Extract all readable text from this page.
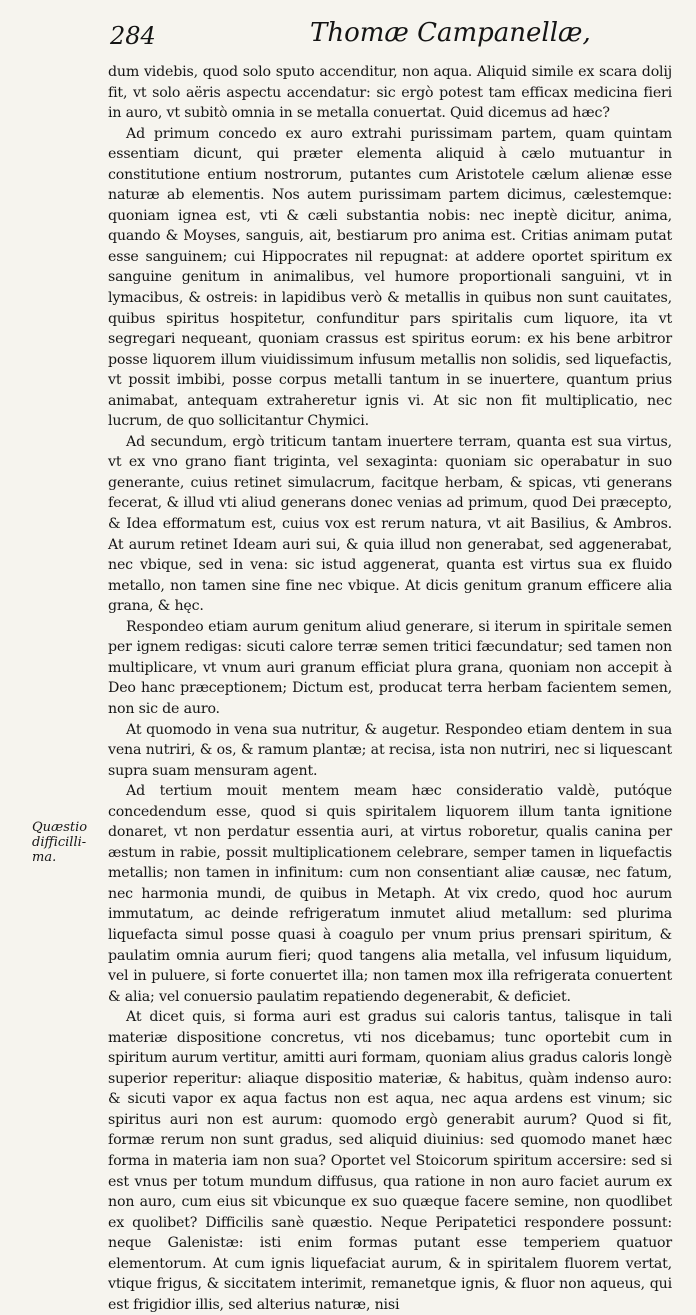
284	Thomæ Campanellæ,
Quæstio difficilli- ma.

dum videbis, quod solo sputo accenditur, non aqua. Aliquid simile ex scara dolij fit, vt solo aëris aspectu accendatur: sic ergò potest tam efficax medicina fieri in auro, vt subitò omnia in se metalla conuertat. Quid dicemus ad hæc?

Ad primum concedo ex auro extrahi purissimam partem, quam quintam essentiam dicunt, qui præter elementa aliquid à cælo mutuantur in constitutione entium nostrorum, putantes cum Aristotele cælum alienæ esse naturæ ab elementis. Nos autem purissimam partem dicimus, cælestemque: quoniam ignea est, vti & cæli substantia nobis: nec ineptè dicitur, anima, quando & Moyses, sanguis, ait, bestiarum pro anima est. Critias animam putat esse sanguinem; cui Hippocrates nil repugnat: at addere oportet spiritum ex sanguine genitum in animalibus, vel humore proportionali sanguini, vt in lymacibus, & ostreis: in lapidibus verò & metallis in quibus non sunt cauitates, quibus spiritus hospitetur, confunditur pars spiritalis cum liquore, ita vt segregari nequeant, quoniam crassus est spiritus eorum: ex his bene arbitror posse liquorem illum viuidissimum infusum metallis non solidis, sed liquefactis, vt possit imbibi, posse corpus metalli tantum in se inuertere, quantum prius animabat, antequam extraheretur ignis vi. At sic non fit multiplicatio, nec lucrum, de quo sollicitantur Chymici.

Ad secundum, ergò triticum tantam inuertere terram, quanta est sua virtus, vt ex vno grano fiant triginta, vel sexaginta: quoniam sic operabatur in suo generante, cuius retinet simulacrum, facitque herbam, & spicas, vti generans fecerat, & illud vti aliud generans donec venias ad primum, quod Dei præcepto, & Idea efformatum est, cuius vox est rerum natura, vt ait Basilius, & Ambros. At aurum retinet Ideam auri sui, & quia illud non generabat, sed aggenerabat, nec vbique, sed in vena: sic istud aggenerat, quanta est virtus sua ex fluido metallo, non tamen sine fine nec vbique. At dicis genitum granum efficere alia grana, & hęc.

Respondeo etiam aurum genitum aliud generare, si iterum in spiritale semen per ignem redigas: sicuti calore terræ semen tritici fæcundatur; sed tamen non multiplicare, vt vnum auri granum efficiat plura grana, quoniam non accepit à Deo hanc præceptionem; Dictum est, producat terra herbam facientem semen, non sic de auro.

At quomodo in vena sua nutritur, & augetur. Respondeo etiam dentem in sua vena nutriri, & os, & ramum plantæ; at recisa, ista non nutriri, nec si liquescant supra suam mensuram agent.

Ad tertium mouit mentem meam hæc consideratio valdè, putóque concedendum esse, quod si quis spiritalem liquorem illum tanta ignitione donaret, vt non perdatur essentia auri, at virtus roboretur, qualis canina per æstum in rabie, possit multiplicationem celebrare, semper tamen in liquefactis metallis; non tamen in infinitum: cum non consentiant aliæ causæ, nec fatum, nec harmonia mundi, de quibus in Metaph. At vix credo, quod hoc aurum immutatum, ac deinde refrigeratum inmutet aliud metallum: sed plurima liquefacta simul posse quasi à coagulo per vnum prius prensari spiritum, & paulatim omnia aurum fieri; quod tangens alia metalla, vel infusum liquidum, vel in puluere, si forte conuertet illa; non tamen mox illa refrigerata conuertent & alia; vel conuersio paulatim repatiendo degenerabit, & deficiet.

At dicet quis, si forma auri est gradus sui caloris tantus, talisque in tali materiæ dispositione concretus, vti nos dicebamus; tunc oportebit cum in spiritum aurum vertitur, amitti auri formam, quoniam alius gradus caloris longè superior reperitur: aliaque dispositio materiæ, & habitus, quàm indenso auro: & sicuti vapor ex aqua factus non est aqua, nec aqua ardens est vinum; sic spiritus auri non est aurum: quomodo ergò generabit aurum? Quod si fit, formæ rerum non sunt gradus, sed aliquid diuinius: sed quomodo manet hæc forma in materia iam non sua? Oportet vel Stoicorum spiritum accersire: sed si est vnus per totum mundum diffusus, qua ratione in non auro faciet aurum ex non auro, cum eius sit vbicunque ex suo quæque facere semine, non quodlibet ex quolibet? Difficilis sanè quæstio. Neque Peripatetici respondere possunt: neque Galenistæ: isti enim formas putant esse temperiem quatuor elementorum. At cum ignis liquefaciat aurum, & in spiritalem fluorem vertat, vtique frigus, & siccitatem interimit, remanetque ignis, & fluor non aqueus, qui est frigidior illis, sed alterius naturæ, nisi
